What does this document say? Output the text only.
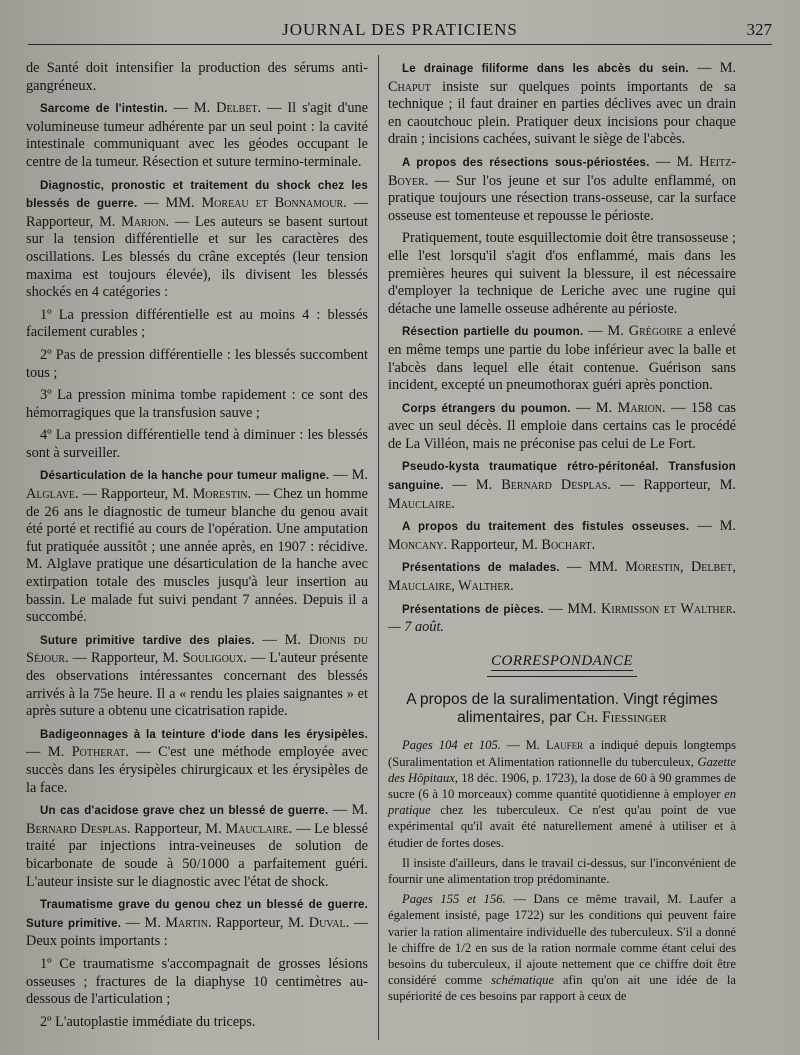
JOURNAL DES PRATICIENS	327

de Santé doit intensifier la production des sérums anti-gangréneux.

Sarcome de l'intestin. — M. Delbet. — Il s'agit d'une volumineuse tumeur adhérente par un seul point : la cavité intestinale communiquant avec les géodes occupant le centre de la tumeur. Résection et suture termino-terminale.

Diagnostic, pronostic et traitement du shock chez les blessés de guerre. — MM. Moreau et Bonnamour. — Rapporteur, M. Marion. — Les auteurs se basent surtout sur la tension différentielle et sur les caractères des oscillations. Les blessés du crâne exceptés (leur tension maxima est toujours élevée), ils divisent les blessés shockés en 4 catégories :

1º La pression différentielle est au moins 4 : blessés facilement curables ;

2º Pas de pression différentielle : les blessés succombent tous ;

3º La pression minima tombe rapidement : ce sont des hémorragiques que la transfusion sauve ;

4º La pression différentielle tend à diminuer : les blessés sont à surveiller.

Désarticulation de la hanche pour tumeur maligne. — M. Alglave. — Rapporteur, M. Morestin. — Chez un homme de 26 ans le diagnostic de tumeur blanche du genou avait été porté et rectifié au cours de l'opération. Une amputation fut pratiquée aussitôt ; une année après, en 1907 : récidive. M. Alglave pratique une désarticulation de la hanche avec extirpation totale des muscles jusqu'à leur insertion au bassin. Le malade fut suivi pendant 7 années. Depuis il a succombé.

Suture primitive tardive des plaies. — M. Dionis du Séjour. — Rapporteur, M. Souligoux. — L'auteur présente des observations intéressantes concernant des blessés arrivés à la 75e heure. Il a « rendu les plaies saignantes » et après suture a obtenu une cicatrisation rapide.

Badigeonnages à la teinture d'iode dans les érysipèles. — M. Potherat. — C'est une méthode employée avec succès dans les érysipèles chirurgicaux et les érysipèles de la face.

Un cas d'acidose grave chez un blessé de guerre. — M. Bernard Desplas. Rapporteur, M. Mauclaire. — Le blessé traité par injections intra-veineuses de solution de bicarbonate de soude à 50/1000 a parfaitement guéri. L'auteur insiste sur le diagnostic avec l'état de shock.

Traumatisme grave du genou chez un blessé de guerre. Suture primitive. — M. Martin. Rapporteur, M. Duval. — Deux points importants :

1º Ce traumatisme s'accompagnait de grosses lésions osseuses ; fractures de la diaphyse 10 centimètres au-dessous de l'articulation ;

2º L'autoplastie immédiate du triceps.

Le drainage filiforme dans les abcès du sein. — M. Chaput insiste sur quelques points importants de sa technique ; il faut drainer en parties déclives avec un drain en caoutchouc plein. Pratiquer deux incisions pour chaque drain ; incisions cachées, suivant le siège de l'abcès.

A propos des résections sous-périostées. — M. Heitz-Boyer. — Sur l'os jeune et sur l'os adulte enflammé, on pratique toujours une résection trans-osseuse, car la surface osseuse est tomenteuse et repousse le périoste.

Pratiquement, toute esquillectomie doit être transosseuse ; elle l'est lorsqu'il s'agit d'os enflammé, mais dans les premières heures qui suivent la blessure, il est nécessaire d'employer la technique de Leriche avec une rugine qui détache une lamelle osseuse adhérente au périoste.

Résection partielle du poumon. — M. Grégoire a enlevé en même temps une partie du lobe inférieur avec la balle et l'abcès dans lequel elle était contenue. Guérison sans incident, excepté un pneumothorax guéri après ponction.

Corps étrangers du poumon. — M. Marion. — 158 cas avec un seul décès. Il emploie dans certains cas le procédé de La Villéon, mais ne préconise pas celui de Le Fort.

Pseudo-kysta traumatique rétro-péritonéal. Transfusion sanguine. — M. Bernard Desplas. — Rapporteur, M. Mauclaire.

A propos du traitement des fistules osseuses. — M. Moncany. Rapporteur, M. Bochart.

Présentations de malades. — MM. Morestin, Delbet, Mauclaire, Walther.

Présentations de pièces. — MM. Kirmisson et Walther. — 7 août.

CORRESPONDANCE
A propos de la suralimentation. Vingt régimes alimentaires, par Ch. Fiessinger

Pages 104 et 105. — M. Laufer a indiqué depuis longtemps (Suralimentation et Alimentation rationnelle du tuberculeux, Gazette des Hôpitaux, 18 déc. 1906, p. 1723), la dose de 60 à 90 grammes de sucre (6 à 10 morceaux) comme quantité quotidienne à employer en pratique chez les tuberculeux. Ce n'est qu'au point de vue expérimental qu'il avait été naturellement amené à utiliser et à étudier de fortes doses.

Il insiste d'ailleurs, dans le travail ci-dessus, sur l'inconvénient de fournir une alimentation trop prédominante.

Pages 155 et 156. — Dans ce même travail, M. Laufer a également insisté, page 1722) sur les conditions qui peuvent faire varier la ration alimentaire individuelle des tuberculeux. S'il a donné le chiffre de 1/2 en sus de la ration normale comme étant celui des besoins du tuberculeux, il ajoute nettement que ce chiffre doit être considéré comme schématique afin qu'on ait une idée de la supériorité de ces besoins par rapport à ceux de
